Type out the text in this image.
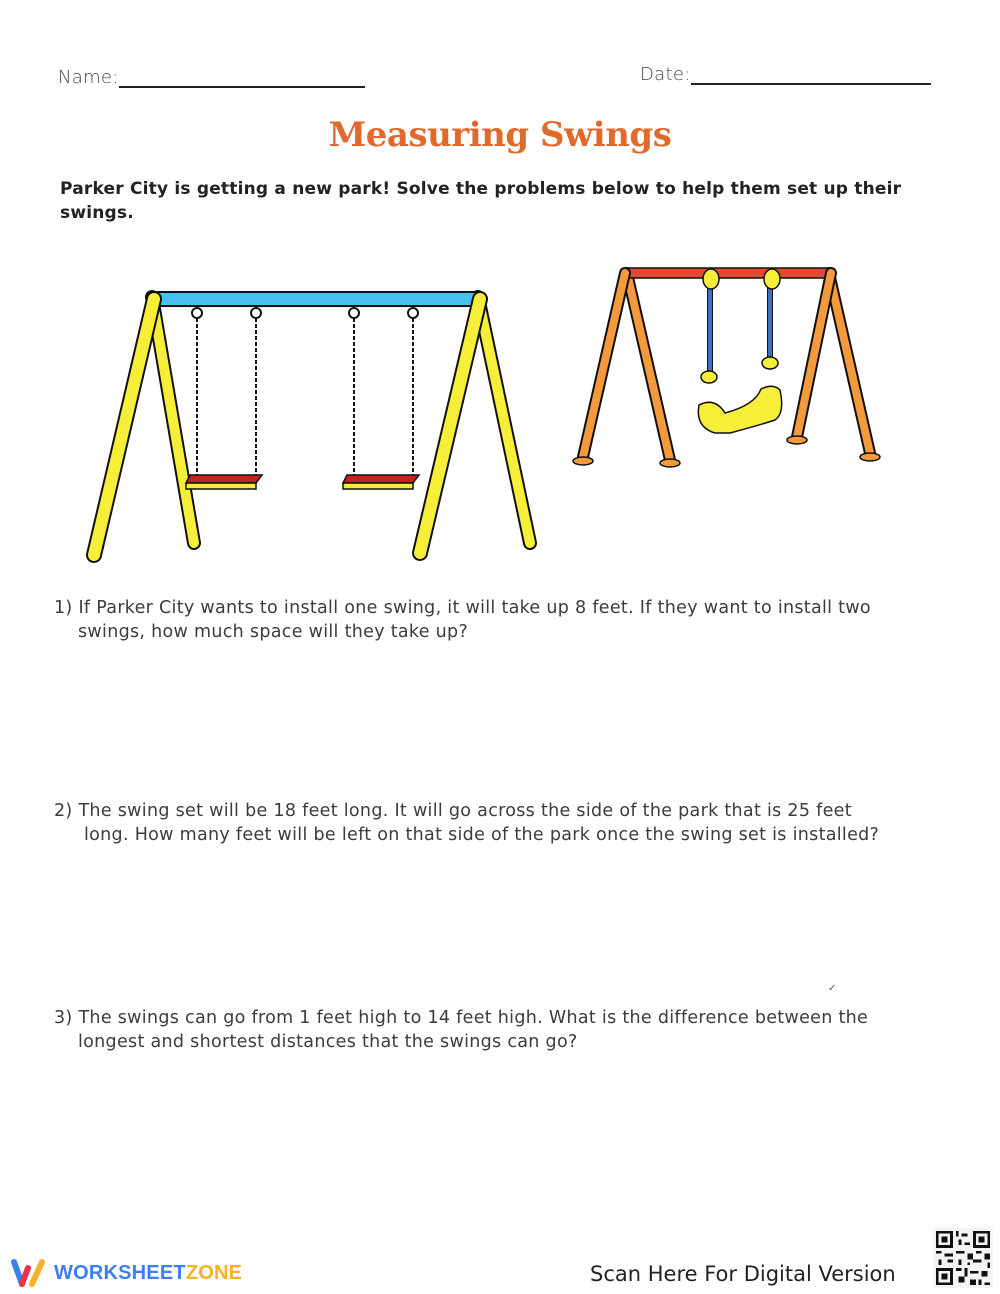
Name:	Date:
Measuring Swings
Parker City is getting a new park! Solve the problems below to help them set up their swings.
1) If Parker City wants to install one swing, it will take up 8 feet. If they want to install two
swings, how much space will they take up?
2) The swing set will be 18 feet long. It will go across the side of the park that is 25 feet
long. How many feet will be left on that side of the park once the swing set is installed?
✓
3) The swings can go from 1 feet high to 14 feet high. What is the difference between the
longest and shortest distances that the swings can go?
WORKSHEETZONE	Scan Here For Digital Version
